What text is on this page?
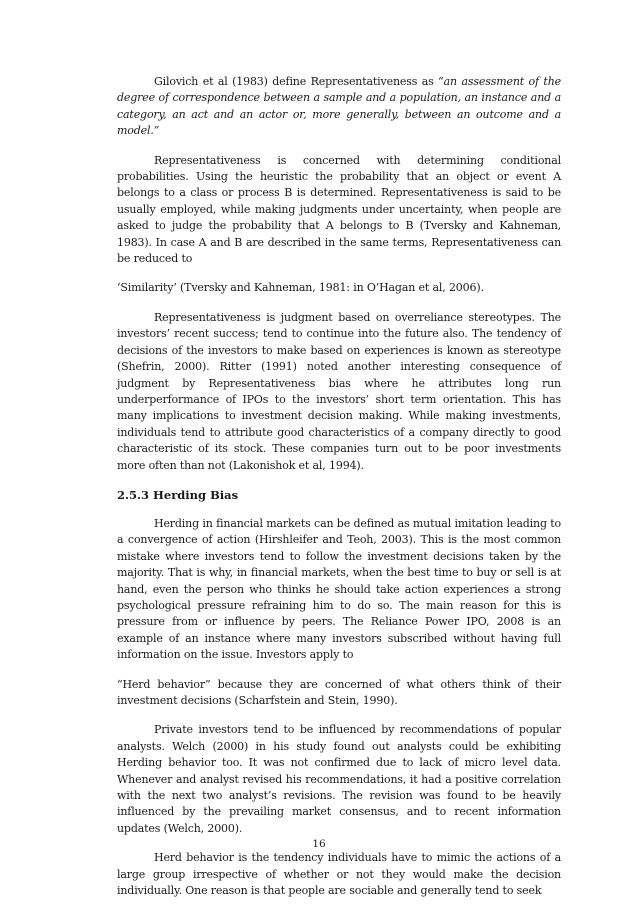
Gilovich et al (1983) define Representativeness as “an assessment of the degree of correspondence between a sample and a population, an instance and a category, an act and an actor or, more generally, between an outcome and a model.”

Representativeness is concerned with determining conditional probabilities. Using the heuristic the probability that an object or event A belongs to a class or process B is determined. Representativeness is said to be usually employed, while making judgments under uncertainty, when people are asked to judge the probability that A belongs to B (Tversky and Kahneman, 1983). In case A and B are described in the same terms, Representativeness can be reduced to

‘Similarity’ (Tversky and Kahneman, 1981: in O’Hagan et al, 2006).

Representativeness is judgment based on overreliance stereotypes. The investors’ recent success; tend to continue into the future also. The tendency of decisions of the investors to make based on experiences is known as stereotype (Shefrin, 2000). Ritter (1991) noted another interesting consequence of judgment by Representativeness bias where he attributes long run underperformance of IPOs to the investors’ short term orientation. This has many implications to investment decision making. While making investments, individuals tend to attribute good characteristics of a company directly to good characteristic of its stock. These companies turn out to be poor investments more often than not (Lakonishok et al, 1994).

2.5.3 Herding Bias

Herding in financial markets can be defined as mutual imitation leading to a convergence of action (Hirshleifer and Teoh, 2003). This is the most common mistake where investors tend to follow the investment decisions taken by the majority. That is why, in financial markets, when the best time to buy or sell is at hand, even the person who thinks he should take action experiences a strong psychological pressure refraining him to do so. The main reason for this is pressure from or influence by peers. The Reliance Power IPO, 2008 is an example of an instance where many investors subscribed without having full information on the issue. Investors apply to

“Herd behavior” because they are concerned of what others think of their investment decisions (Scharfstein and Stein, 1990).

Private investors tend to be influenced by recommendations of popular analysts. Welch (2000) in his study found out analysts could be exhibiting Herding behavior too. It was not confirmed due to lack of micro level data. Whenever and analyst revised his recommendations, it had a positive correlation with the next two analyst’s revisions. The revision was found to be heavily influenced by the prevailing market consensus, and to recent information updates (Welch, 2000).

Herd behavior is the tendency individuals have to mimic the actions of a large group irrespective of whether or not they would make the decision individually. One reason is that people are sociable and generally tend to seek

16
